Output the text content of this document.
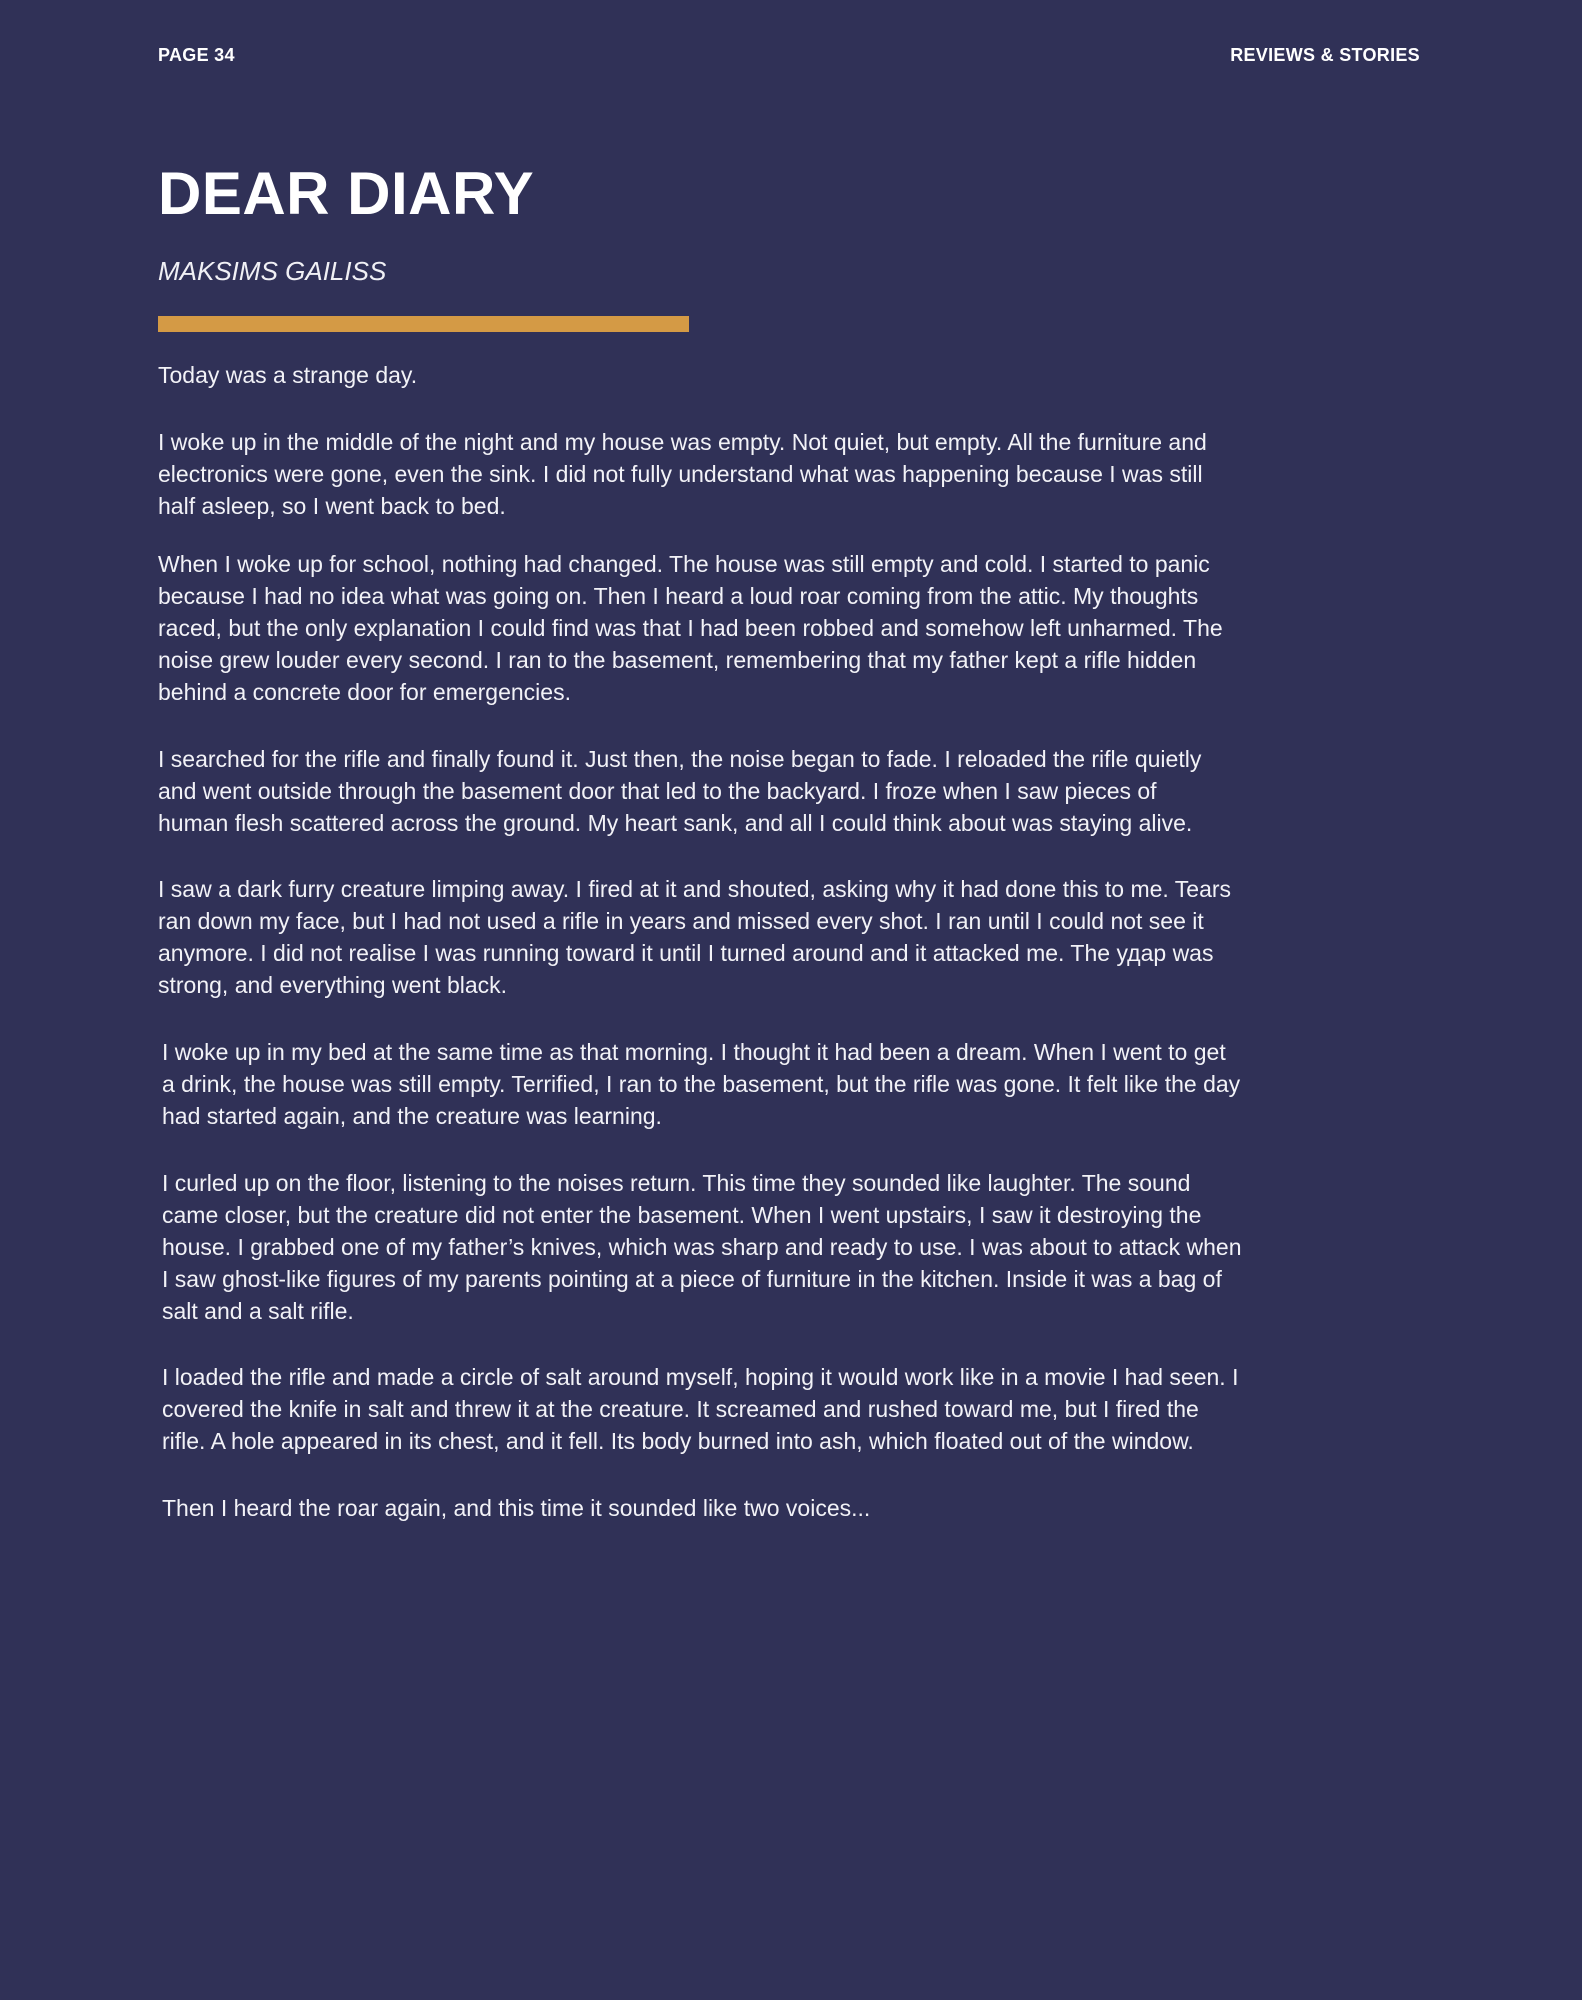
PAGE 34	REVIEWS & STORIES
DEAR DIARY

MAKSIMS GAILISS

Today was a strange day.

I woke up in the middle of the night and my house was empty. Not quiet, but empty. All the furniture and
electronics were gone, even the sink. I did not fully understand what was happening because I was still
half asleep, so I went back to bed.

When I woke up for school, nothing had changed. The house was still empty and cold. I started to panic
because I had no idea what was going on. Then I heard a loud roar coming from the attic. My thoughts
raced, but the only explanation I could find was that I had been robbed and somehow left unharmed. The
noise grew louder every second. I ran to the basement, remembering that my father kept a rifle hidden
behind a concrete door for emergencies.

I searched for the rifle and finally found it. Just then, the noise began to fade. I reloaded the rifle quietly
and went outside through the basement door that led to the backyard. I froze when I saw pieces of
human flesh scattered across the ground. My heart sank, and all I could think about was staying alive.

I saw a dark furry creature limping away. I fired at it and shouted, asking why it had done this to me. Tears
ran down my face, but I had not used a rifle in years and missed every shot. I ran until I could not see it
anymore. I did not realise I was running toward it until I turned around and it attacked me. The удар was
strong, and everything went black.

I woke up in my bed at the same time as that morning. I thought it had been a dream. When I went to get
a drink, the house was still empty. Terrified, I ran to the basement, but the rifle was gone. It felt like the day
had started again, and the creature was learning.

I curled up on the floor, listening to the noises return. This time they sounded like laughter. The sound
came closer, but the creature did not enter the basement. When I went upstairs, I saw it destroying the
house. I grabbed one of my father’s knives, which was sharp and ready to use. I was about to attack when
I saw ghost-like figures of my parents pointing at a piece of furniture in the kitchen. Inside it was a bag of
salt and a salt rifle.

I loaded the rifle and made a circle of salt around myself, hoping it would work like in a movie I had seen. I
covered the knife in salt and threw it at the creature. It screamed and rushed toward me, but I fired the
rifle. A hole appeared in its chest, and it fell. Its body burned into ash, which floated out of the window.

Then I heard the roar again, and this time it sounded like two voices...
